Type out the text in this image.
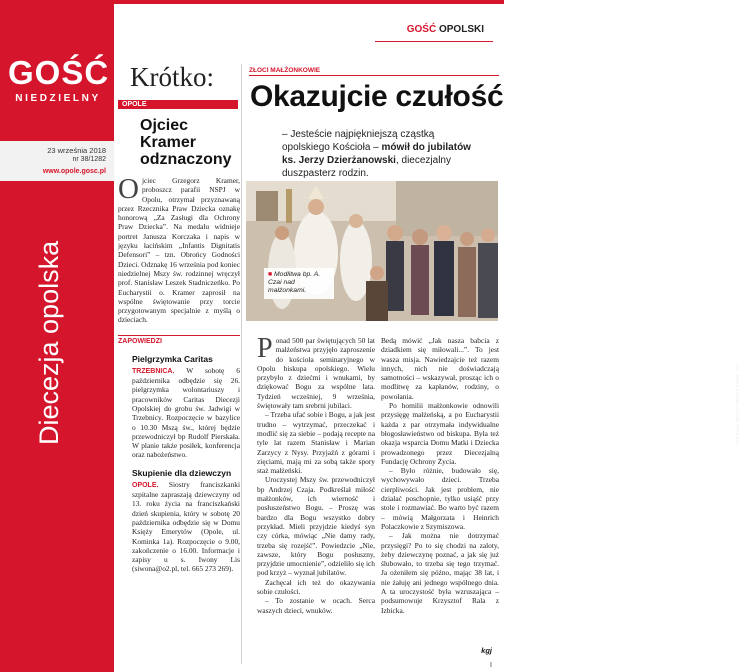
GOŚĆ
NIEDZIELNY
23 września 2018
nr 38/1282
www.opole.gosc.pl
Diecezja opolska
GOŚĆ OPOLSKI
Krótko:
OPOLE
Ojciec Kramer odznaczony
Ojciec Grzegorz Kramer, proboszcz parafii NSPJ w Opolu, otrzymał przyznawaną przez Rzecznika Praw Dziecka oznakę honorową „Za Zasługi dla Ochrony Praw Dziecka”. Na medalu widnieje portret Janusza Korczaka i napis w języku łacińskim „Infantis Dignitatis Defensori” – tzn. Obrońcy Godności Dzieci. Odznakę 16 września pod koniec niedzielnej Mszy św. rodzinnej wręczył prof. Stanisław Leszek Stadniczeńko. Po Eucharystii o. Kramer zaprosił na wspólne świętowanie przy torcie przygotowanym specjalnie z myślą o dzieciach.
ZAPOWIEDZI
Pielgrzymka Caritas
TRZEBNICA. W sobotę 6 października odbędzie się 26. pielgrzymka wolontariuszy i pracowników Caritas Diecezji Opolskiej do grobu św. Jadwigi w Trzebnicy. Rozpoczęcie w bazylice o 10.30 Mszą św., której będzie przewodniczył bp Rudolf Pierskała. W planie także posiłek, konferencja oraz nabożeństwo.
Skupienie dla dziewczyn
OPOLE. Siostry franciszkanki szpitalne zapraszają dziewczyny od 13. roku życia na franciszkański dzień skupienia, który w sobotę 20 października odbędzie się w Domu Księży Emerytów (Opole, ul. Kominka 1a). Rozpoczęcie o 9.00, zakończenie o 16.00. Informacje i zapisy u s. Iwony Lis (siwona@o2.pl, tel. 665 273 269).
ZŁOCI MAŁŻONKOWIE
Okazujcie czułość
– Jesteście najpiękniejszą cząstką opolskiego Kościoła – mówił do jubilatów ks. Jerzy Dzierżanowski, diecezjalny duszpasterz rodzin.
KS. JERZY KOBIELA/GOŚĆ OPOLSKI
■ Modlitwa bp. A. Czai nad małżonkami.
Ponad 500 par świętujących 50 lat małżeństwa przyjęło zaproszenie do kościoła seminaryjnego w Opolu biskupa opolskiego. Wielu przybyło z dziećmi i wnukami, by dziękować Bogu za wspólne lata. Tydzień wcześniej, 9 września, świętowały tam srebrni jubilaci.
– Trzeba ufać sobie i Bogu, a jak jest trudno – wytrzymać, przeczekać i modlić się za siebie – podają recepte na tyle lat razem Stanisław i Marian Zarzycy z Nysy. Przyjaźń z górami i zięciami, mają mi za sobą także spory staż małżeński.
Uroczystej Mszy św. przewodniczył bp Andrzej Czaja. Podkreślał miłość małżonków, ich wierność i posłuszeństwo Bogu. – Proszę was bardzo dla Bogu wszystko dobry przykład. Mieli przyjdzie kiedyś syn czy córka, mówiąc „Nie damy rady, trzeba się rozejść”. Powiedzcie „Nie, zawsze, który Bogu posłuszny, przyjdzie umocnienie”, odzieliło się ich pod krzyż – wyznał jubilatów.
Zachęcał ich też do okazywania sobie czułości.
– To zostanie w ocach. Serca waszych dzieci, wnuków.
Bedą mówić „Jak nasza babcia z dziadkiem się miłowali...”. To jest wasza misja. Nawiedzajcie też razem innych, nich nie doświadczają samotności – wskazywał, prosząc ich o modlitwę za kapłanów, rodziny, o powołania.
Po homilii małżonkowie odnowili przysięgę małżeńską, a po Eucharystii każda z par otrzymała indywidualne błogosławieństwo od biskupa. Była też okazja wsparcia Domu Matki i Dziecka prowadzonego przez Diecezjalną Fundację Ochrony Życia.
– Było różnie, budowało się, wychowywało dzieci. Trzeba cierpliwości. Jak jest problem, nie działać poschopnie, tylko usiąść przy stole i rozmawiać. Bo warto być razem – mówią Małgorzata i Heinrich Polaczkowie z Szymiszowa.
– Jak można nie dotrzymać przysięgi? Po to się chodzi na zaloty, żeby dziewczynę poznać, a jak się już ślubowało, to trzeba się tego trzymać. Ja ożeniłem się późno, mając 38 lat, i nie żałuję ani jednego wspólnego dnia. A ta uroczystość była wzruszająca – podsumowuje Krzysztof Rala z Izbicka.
kgj
I
